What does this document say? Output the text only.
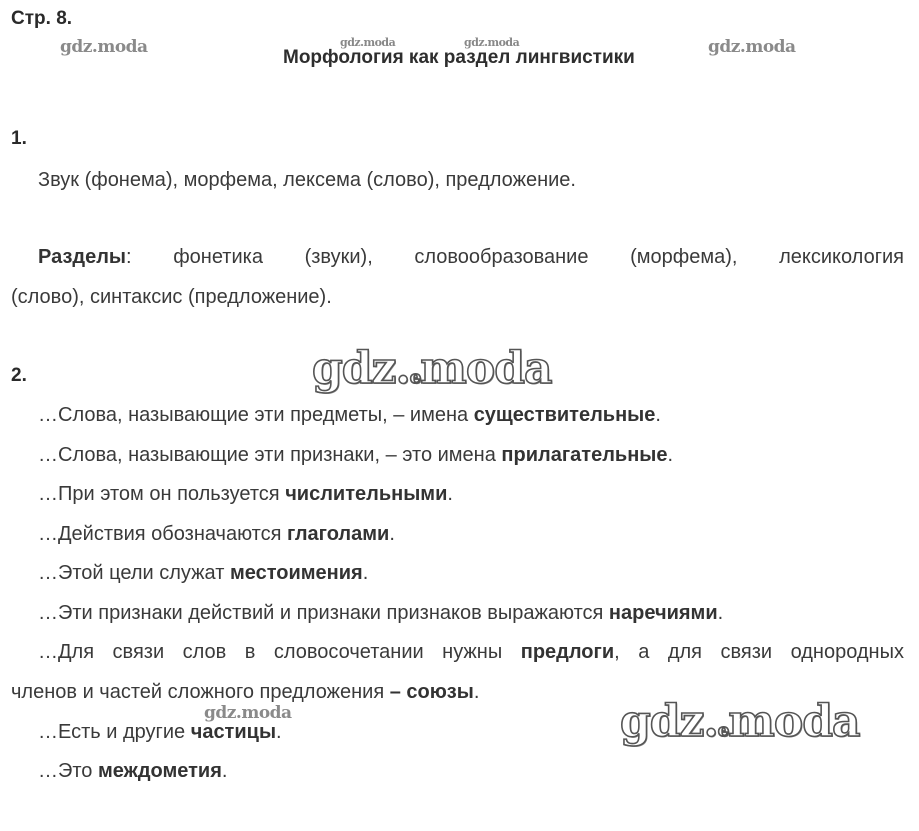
Стр. 8.
gdz.moda	gdz.moda	gdz.moda
Морфология как раздел лингвистики	gdz.moda
1.
Звук (фонема), морфема, лексема (слово), предложение.
Разделы: фонетика (звуки), словообразование (морфема), лексикология
(слово), синтаксис (предложение).
gdz.emoda
2.
…Слова, называющие эти предметы, – имена существительные.
…Слова, называющие эти признаки, – это имена прилагательные.
…При этом он пользуется числительными.
…Действия обозначаются глаголами.
…Этой цели служат местоимения.
…Эти признаки действий и признаки признаков выражаются наречиями.
…Для связи слов в словосочетании нужны предлоги, а для связи однородных
членов и частей сложного предложения – союзы.
gdz.moda	gdz.emoda
…Есть и другие частицы.
…Это междометия.
